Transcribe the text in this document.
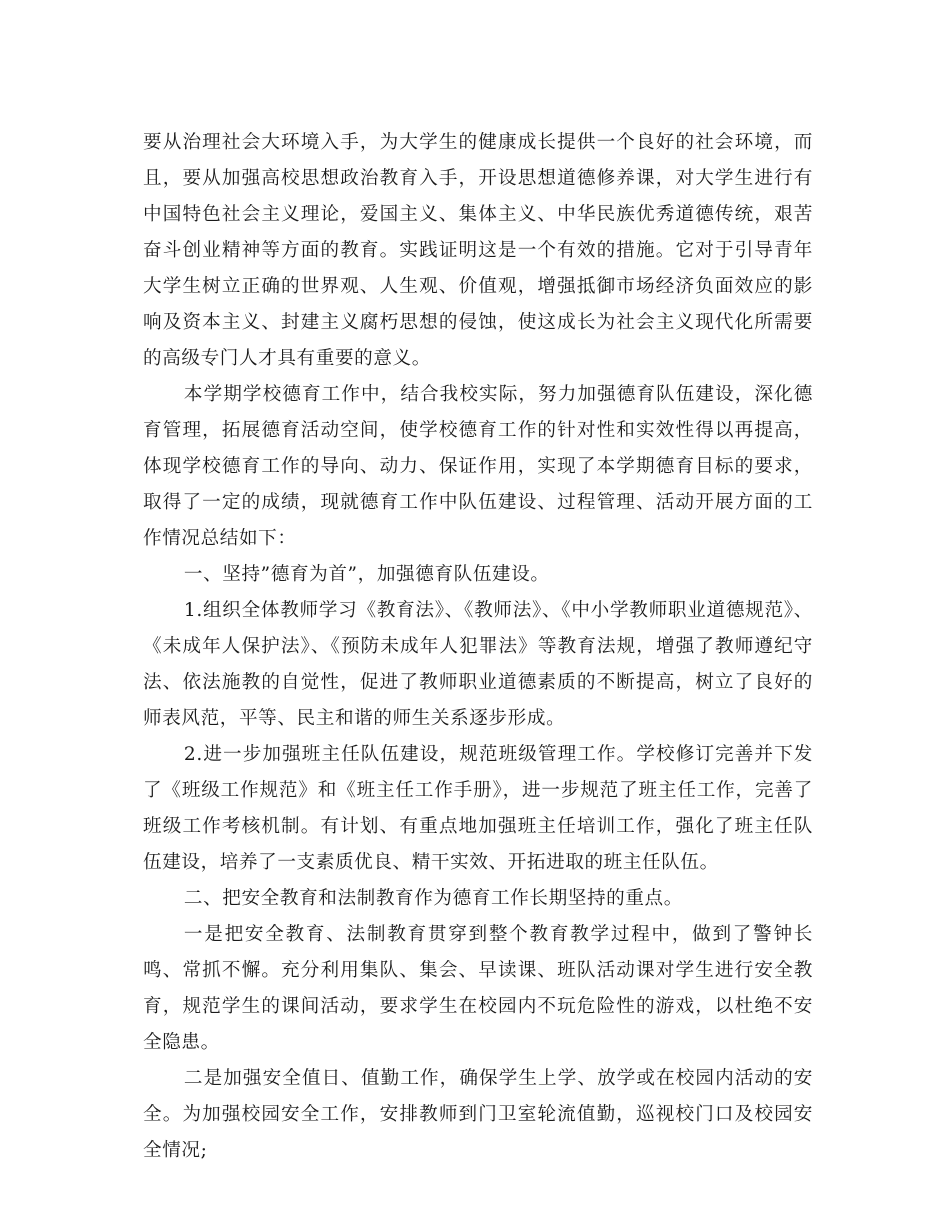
要从治理社会大环境入手，为大学生的健康成长提供一个良好的社会环境，而且，要从加强高校思想政治教育入手，开设思想道德修养课，对大学生进行有中国特色社会主义理论，爱国主义、集体主义、中华民族优秀道德传统，艰苦奋斗创业精神等方面的教育。实践证明这是一个有效的措施。它对于引导青年大学生树立正确的世界观、人生观、价值观，增强抵御市场经济负面效应的影响及资本主义、封建主义腐朽思想的侵蚀，使这成长为社会主义现代化所需要的高级专门人才具有重要的意义。

本学期学校德育工作中，结合我校实际，努力加强德育队伍建设，深化德育管理，拓展德育活动空间，使学校德育工作的针对性和实效性得以再提高，体现学校德育工作的导向、动力、保证作用，实现了本学期德育目标的要求，取得了一定的成绩，现就德育工作中队伍建设、过程管理、活动开展方面的工作情况总结如下：

一、坚持”德育为首”，加强德育队伍建设。

1.组织全体教师学习《教育法》、《教师法》、《中小学教师职业道德规范》、《未成年人保护法》、《预防未成年人犯罪法》等教育法规，增强了教师遵纪守法、依法施教的自觉性，促进了教师职业道德素质的不断提高，树立了良好的师表风范，平等、民主和谐的师生关系逐步形成。

2.进一步加强班主任队伍建设，规范班级管理工作。学校修订完善并下发了《班级工作规范》和《班主任工作手册》，进一步规范了班主任工作，完善了班级工作考核机制。有计划、有重点地加强班主任培训工作，强化了班主任队伍建设，培养了一支素质优良、精干实效、开拓进取的班主任队伍。

二、把安全教育和法制教育作为德育工作长期坚持的重点。

一是把安全教育、法制教育贯穿到整个教育教学过程中，做到了警钟长鸣、常抓不懈。充分利用集队、集会、早读课、班队活动课对学生进行安全教育，规范学生的课间活动，要求学生在校园内不玩危险性的游戏，以杜绝不安全隐患。

二是加强安全值日、值勤工作，确保学生上学、放学或在校园内活动的安全。为加强校园安全工作，安排教师到门卫室轮流值勤，巡视校门口及校园安全情况;
